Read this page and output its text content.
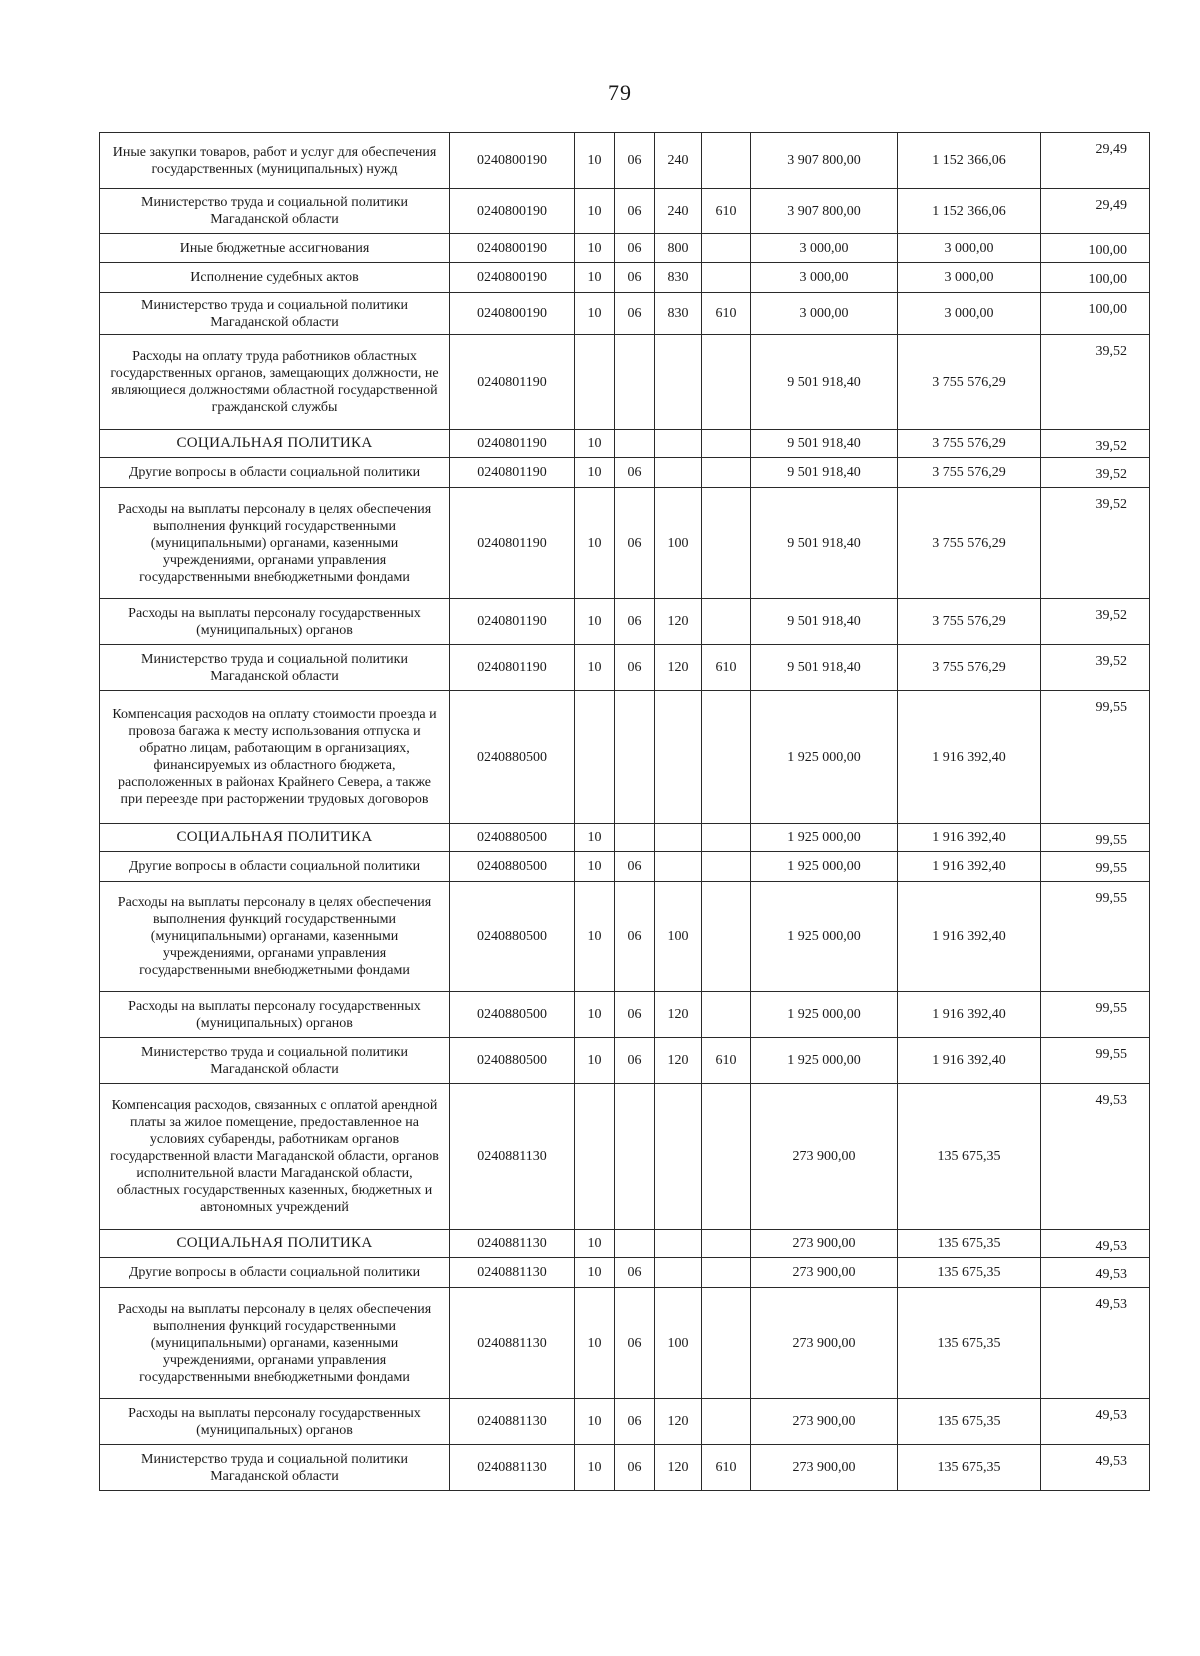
79
Иные закупки товаров, работ и услуг для обеспечения государственных (муниципальных) нужд	0240800190	10	06	240		3 907 800,00	1 152 366,06	29,49
Министерство труда и социальной политики Магаданской области	0240800190	10	06	240	610	3 907 800,00	1 152 366,06	29,49
Иные бюджетные ассигнования	0240800190	10	06	800		3 000,00	3 000,00	100,00
Исполнение судебных актов	0240800190	10	06	830		3 000,00	3 000,00	100,00
Министерство труда и социальной политики Магаданской области	0240800190	10	06	830	610	3 000,00	3 000,00	100,00
Расходы на оплату труда работников областных государственных органов, замещающих должности, не являющиеся должностями областной государственной гражданской службы	0240801190					9 501 918,40	3 755 576,29	39,52
СОЦИАЛЬНАЯ ПОЛИТИКА	0240801190	10				9 501 918,40	3 755 576,29	39,52
Другие вопросы в области социальной политики	0240801190	10	06			9 501 918,40	3 755 576,29	39,52
Расходы на выплаты персоналу в целях обеспечения выполнения функций государственными (муниципальными) органами, казенными учреждениями, органами управления государственными внебюджетными фондами	0240801190	10	06	100		9 501 918,40	3 755 576,29	39,52
Расходы на выплаты персоналу государственных (муниципальных) органов	0240801190	10	06	120		9 501 918,40	3 755 576,29	39,52
Министерство труда и социальной политики Магаданской области	0240801190	10	06	120	610	9 501 918,40	3 755 576,29	39,52
Компенсация расходов на оплату стоимости проезда и провоза багажа к месту использования отпуска и обратно лицам, работающим в организациях, финансируемых из областного бюджета, расположенных в районах Крайнего Севера, а также при переезде при расторжении трудовых договоров	0240880500					1 925 000,00	1 916 392,40	99,55
СОЦИАЛЬНАЯ ПОЛИТИКА	0240880500	10				1 925 000,00	1 916 392,40	99,55
Другие вопросы в области социальной политики	0240880500	10	06			1 925 000,00	1 916 392,40	99,55
Расходы на выплаты персоналу в целях обеспечения выполнения функций государственными (муниципальными) органами, казенными учреждениями, органами управления государственными внебюджетными фондами	0240880500	10	06	100		1 925 000,00	1 916 392,40	99,55
Расходы на выплаты персоналу государственных (муниципальных) органов	0240880500	10	06	120		1 925 000,00	1 916 392,40	99,55
Министерство труда и социальной политики Магаданской области	0240880500	10	06	120	610	1 925 000,00	1 916 392,40	99,55
Компенсация расходов, связанных с оплатой арендной платы за жилое помещение, предоставленное на условиях субаренды, работникам органов государственной власти Магаданской области, органов исполнительной власти Магаданской области, областных государственных казенных, бюджетных и автономных учреждений	0240881130					273 900,00	135 675,35	49,53
СОЦИАЛЬНАЯ ПОЛИТИКА	0240881130	10				273 900,00	135 675,35	49,53
Другие вопросы в области социальной политики	0240881130	10	06			273 900,00	135 675,35	49,53
Расходы на выплаты персоналу в целях обеспечения выполнения функций государственными (муниципальными) органами, казенными учреждениями, органами управления государственными внебюджетными фондами	0240881130	10	06	100		273 900,00	135 675,35	49,53
Расходы на выплаты персоналу государственных (муниципальных) органов	0240881130	10	06	120		273 900,00	135 675,35	49,53
Министерство труда и социальной политики Магаданской области	0240881130	10	06	120	610	273 900,00	135 675,35	49,53
